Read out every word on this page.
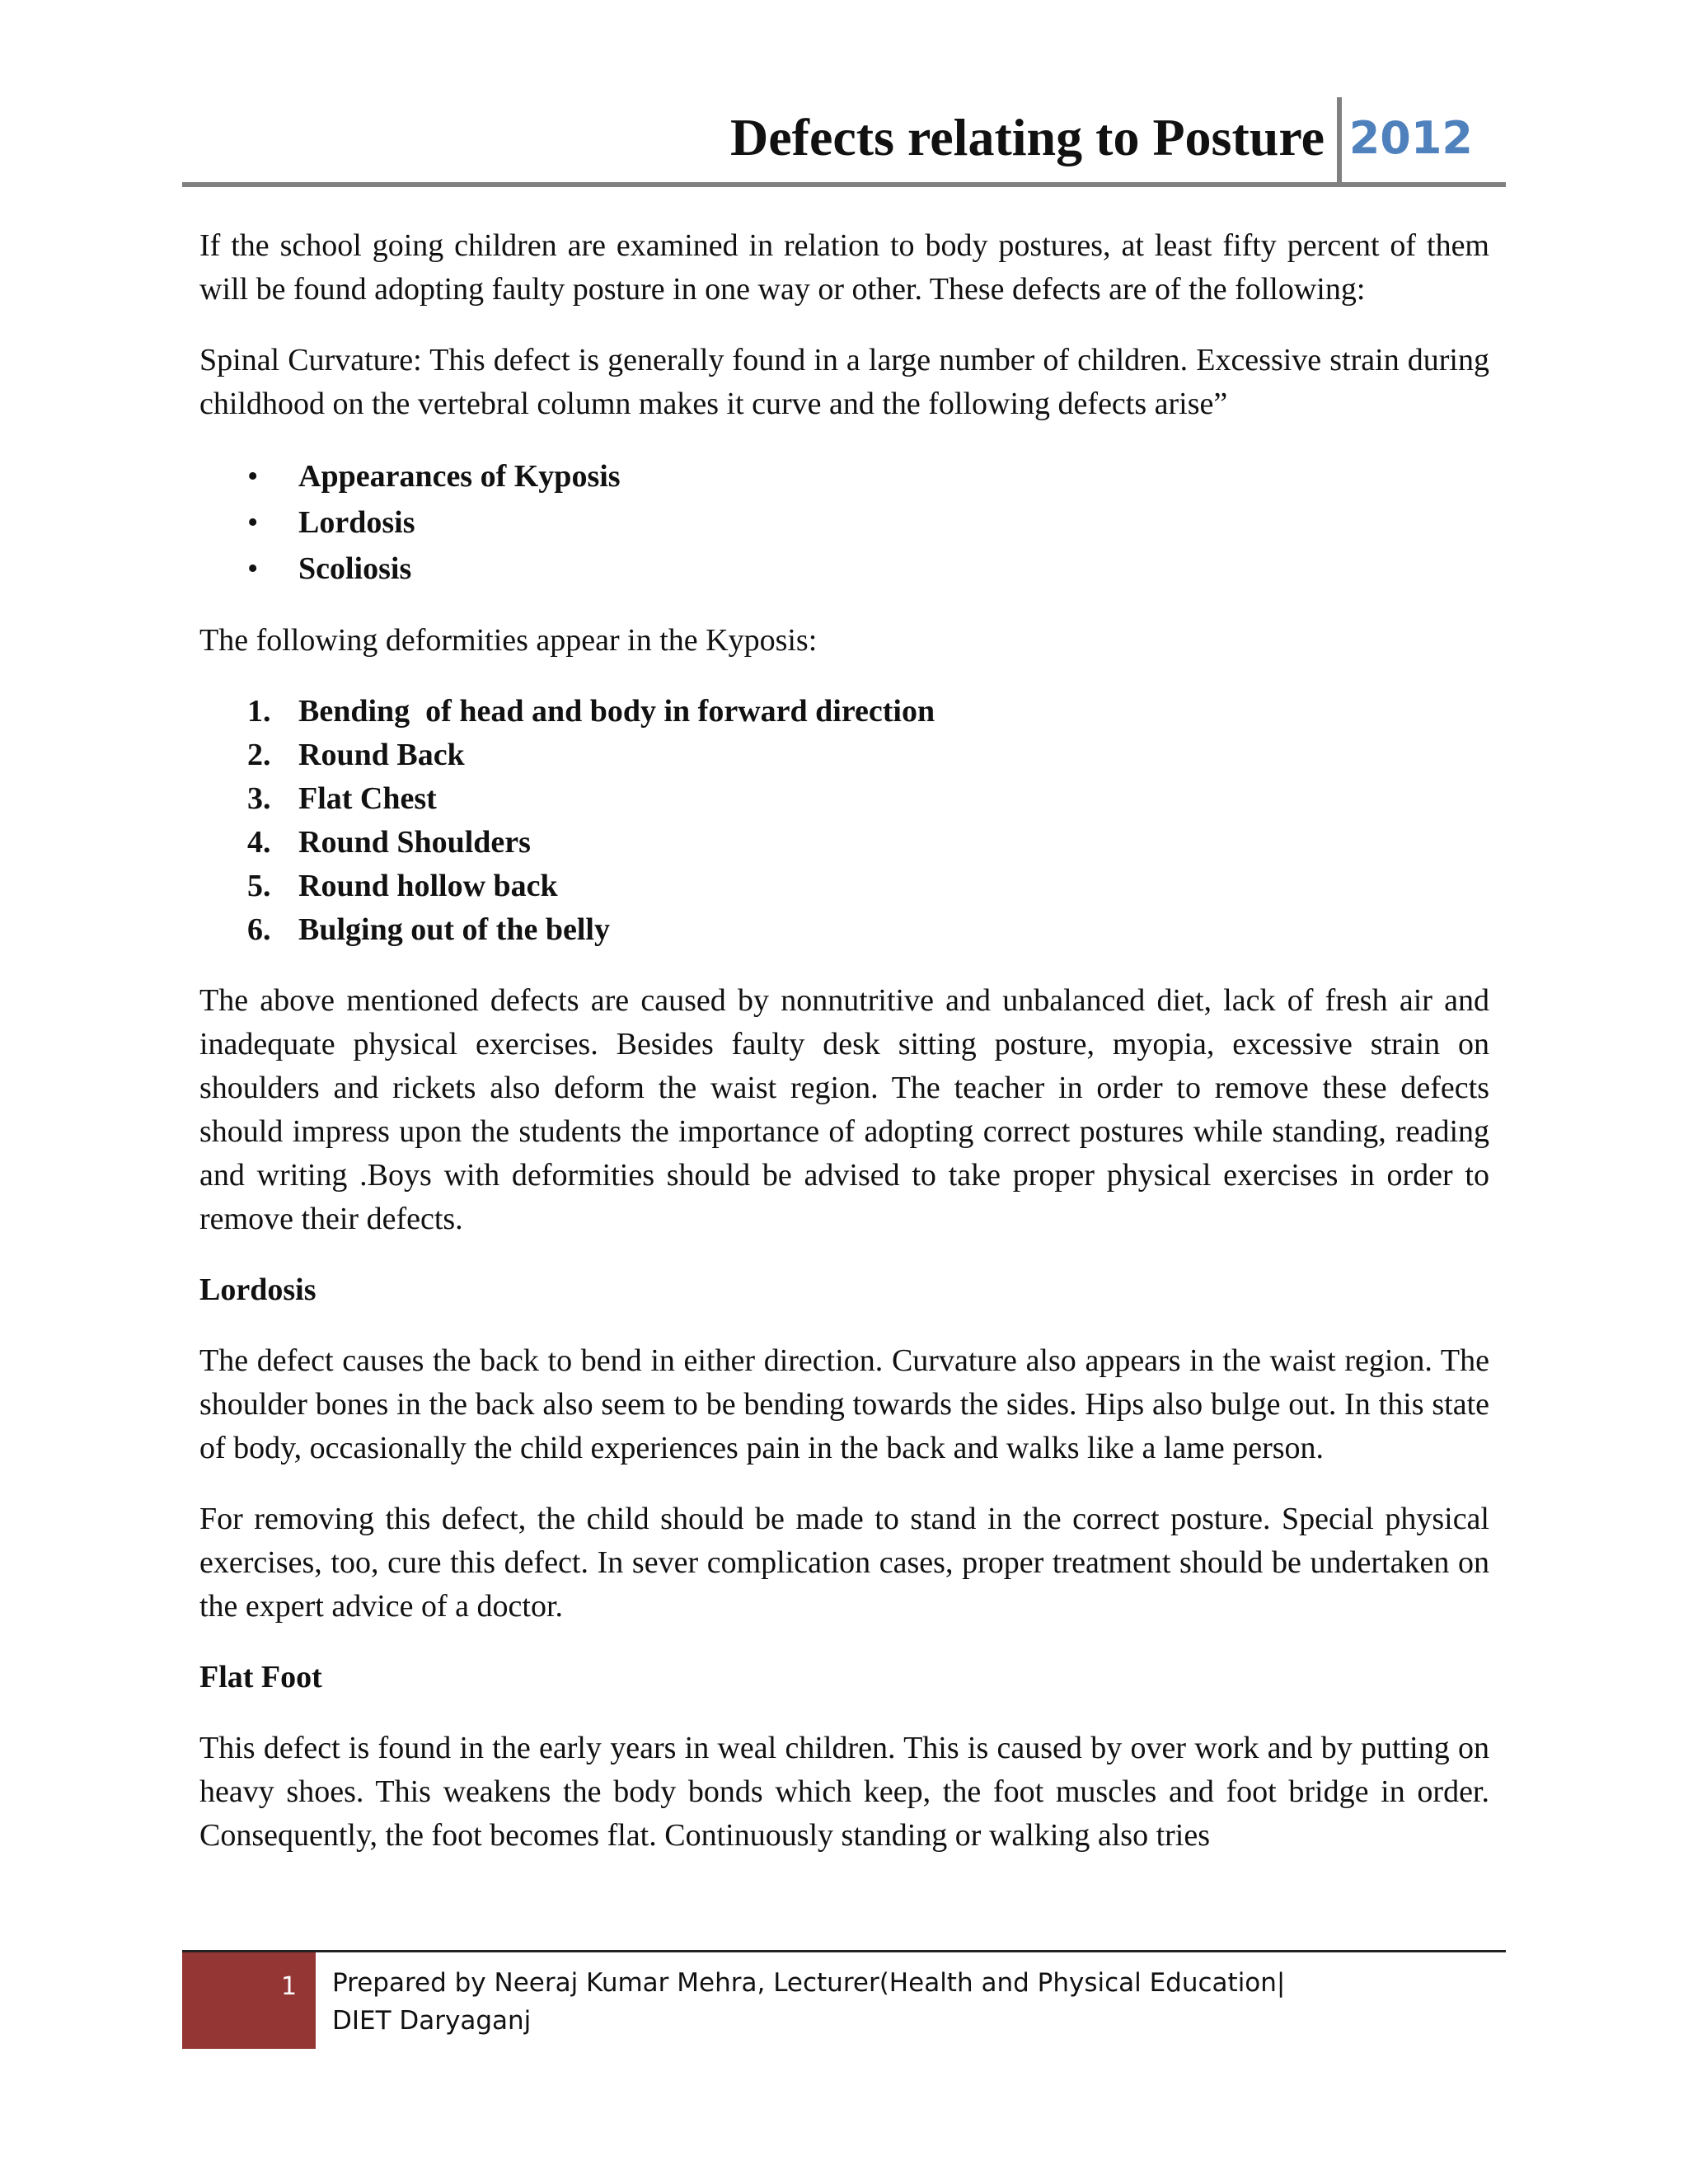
Defects relating to Posture 2012

If the school going children are examined in relation to body postures, at least fifty percent of them will be found adopting faulty posture in one way or other. These defects are of the following:

Spinal Curvature: This defect is generally found in a large number of children. Excessive strain during childhood on the vertebral column makes it curve and the following defects arise”

• Appearances of Kyposis
• Lordosis
• Scoliosis

The following deformities appear in the Kyposis:

1. Bending  of head and body in forward direction
2. Round Back
3. Flat Chest
4. Round Shoulders
5. Round hollow back
6. Bulging out of the belly

The above mentioned defects are caused by nonnutritive and unbalanced diet, lack of fresh air and inadequate physical exercises. Besides faulty desk sitting posture, myopia, excessive strain on shoulders and rickets also deform the waist region. The teacher in order to remove these defects should impress upon the students the importance of adopting correct postures while standing, reading and writing .Boys with deformities should be advised to take proper physical exercises in order to remove their defects.

Lordosis

The defect causes the back to bend in either direction. Curvature also appears in the waist region. The shoulder bones in the back also seem to be bending towards the sides. Hips also bulge out. In this state of body, occasionally the child experiences pain in the back and walks like a lame person.

For removing this defect, the child should be made to stand in the correct posture. Special physical exercises, too, cure this defect. In sever complication cases, proper treatment should be undertaken on the expert advice of a doctor.

Flat Foot

This defect is found in the early years in weal children. This is caused by over work and by putting on heavy shoes. This weakens the body bonds which keep, the foot muscles and foot bridge in order. Consequently, the foot becomes flat. Continuously standing or walking also tries

1 Prepared by Neeraj Kumar Mehra, Lecturer(Health and Physical Education|
DIET Daryaganj
